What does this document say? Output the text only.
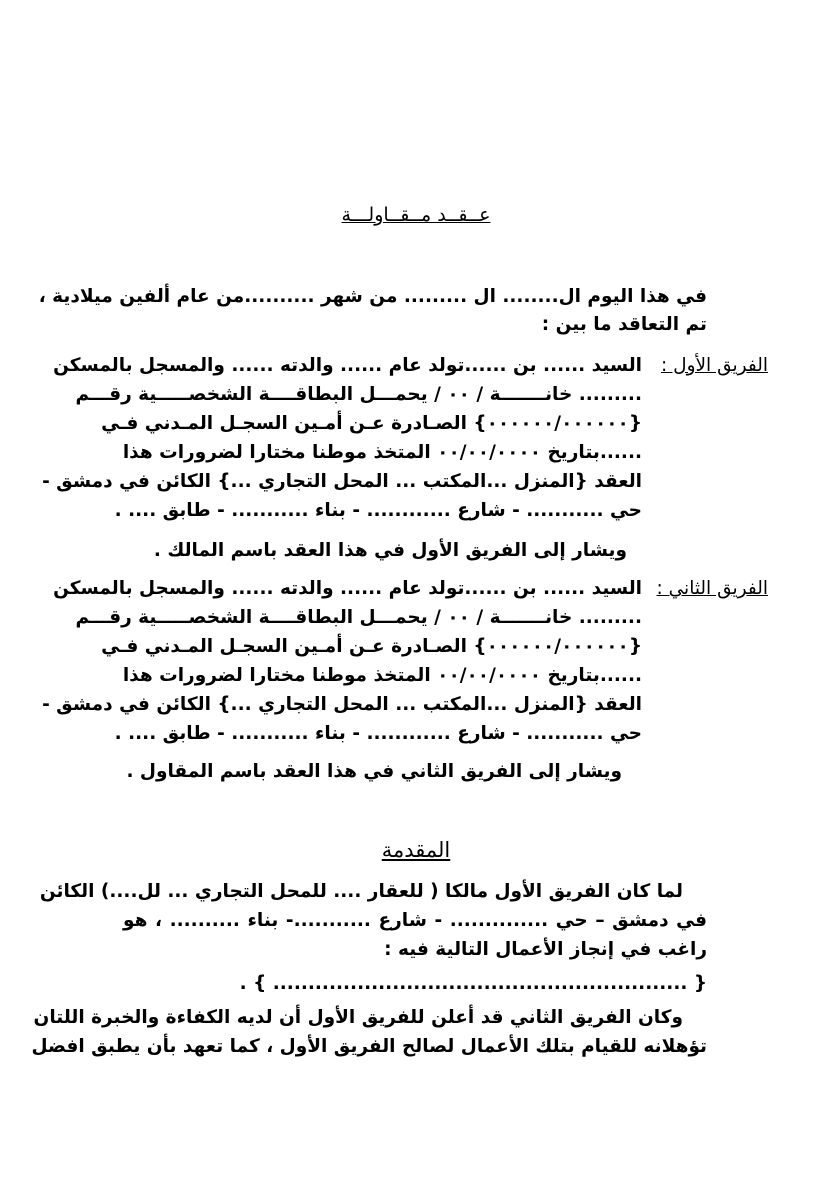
عــقــد مــقــاولـــة
في هذا اليوم ال........ ال ......... من شهر ..........من عام ألفين ميلادية ،
تم التعاقد ما بين :
الفريق الأول :
السيد ...... بن ......تولد عام ...... والدته ...... والمسجل بالمسكن
......... خانـــــــة / ٠٠ / يحمـــل البطاقــــة الشخصـــــية رقـــم
{٠٠٠٠٠٠/٠٠٠٠٠٠} الصـادرة عـن أمـين السجـل المـدني فـي
......بتاريخ ٠٠/٠٠/٠٠٠٠ المتخذ موطنا مختارا لضرورات هذا
العقد {المنزل ...المكتب ... المحل التجاري ...} الكائن في دمشق -
حي ........... - شارع ............ - بناء ........... - طابق .... .
ويشار إلى الفريق الأول في هذا العقد باسم المالك .
الفريق الثاني :
السيد ...... بن ......تولد عام ...... والدته ...... والمسجل بالمسكن
......... خانـــــــة / ٠٠ / يحمـــل البطاقــــة الشخصـــــية رقـــم
{٠٠٠٠٠٠/٠٠٠٠٠٠} الصـادرة عـن أمـين السجـل المـدني فـي
......بتاريخ ٠٠/٠٠/٠٠٠٠ المتخذ موطنا مختارا لضرورات هذا
العقد {المنزل ...المكتب ... المحل التجاري ...} الكائن في دمشق -
حي ........... - شارع ............ - بناء ........... - طابق .... .
ويشار إلى الفريق الثاني في هذا العقد باسم المقاول .
المقدمة
لما كان الفريق الأول مالكا ( للعقار .... للمحل التجاري ... لل....) الكائن
في دمشق – حي .............. - شارع ...........- بناء .......... ، هو
راغب في إنجاز الأعمال التالية فيه :
{ ........................................................... } .
وكان الفريق الثاني قد أعلن للفريق الأول أن لديه الكفاءة والخبرة اللتان
تؤهلانه للقيام بتلك الأعمال لصالح الفريق الأول ، كما تعهد بأن يطبق افضل
